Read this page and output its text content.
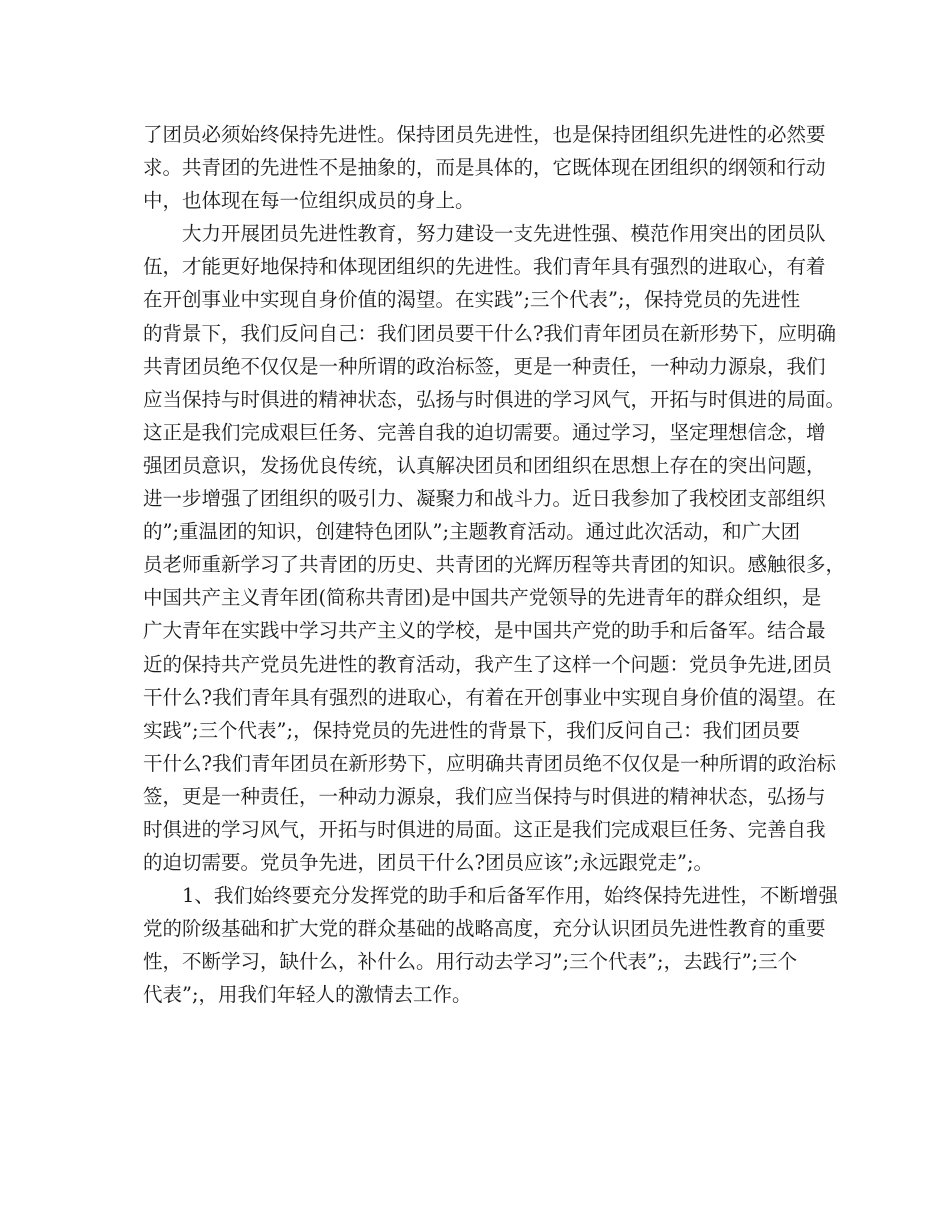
了团员必须始终保持先进性。保持团员先进性，也是保持团组织先进性的必然要
求。共青团的先进性不是抽象的，而是具体的，它既体现在团组织的纲领和行动
中，也体现在每一位组织成员的身上。
　　大力开展团员先进性教育，努力建设一支先进性强、模范作用突出的团员队
伍，才能更好地保持和体现团组织的先进性。我们青年具有强烈的进取心，有着
在开创事业中实现自身价值的渴望。在实践”;三个代表”;，保持党员的先进性
的背景下，我们反问自己：我们团员要干什么?我们青年团员在新形势下，应明确
共青团员绝不仅仅是一种所谓的政治标签，更是一种责任，一种动力源泉，我们
应当保持与时俱进的精神状态，弘扬与时俱进的学习风气，开拓与时俱进的局面。
这正是我们完成艰巨任务、完善自我的迫切需要。通过学习，坚定理想信念，增
强团员意识，发扬优良传统，认真解决团员和团组织在思想上存在的突出问题，
进一步增强了团组织的吸引力、凝聚力和战斗力。近日我参加了我校团支部组织
的”;重温团的知识，创建特色团队”;主题教育活动。通过此次活动，和广大团
员老师重新学习了共青团的历史、共青团的光辉历程等共青团的知识。感触很多，
中国共产主义青年团(简称共青团)是中国共产党领导的先进青年的群众组织，是
广大青年在实践中学习共产主义的学校，是中国共产党的助手和后备军。结合最
近的保持共产党员先进性的教育活动，我产生了这样一个问题：党员争先进,团员
干什么?我们青年具有强烈的进取心，有着在开创事业中实现自身价值的渴望。在
实践”;三个代表”;，保持党员的先进性的背景下，我们反问自己：我们团员要
干什么?我们青年团员在新形势下，应明确共青团员绝不仅仅是一种所谓的政治标
签，更是一种责任，一种动力源泉，我们应当保持与时俱进的精神状态，弘扬与
时俱进的学习风气，开拓与时俱进的局面。这正是我们完成艰巨任务、完善自我
的迫切需要。党员争先进，团员干什么?团员应该”;永远跟党走”;。
　　1、我们始终要充分发挥党的助手和后备军作用，始终保持先进性，不断增强
党的阶级基础和扩大党的群众基础的战略高度，充分认识团员先进性教育的重要
性，不断学习，缺什么，补什么。用行动去学习”;三个代表”;，去践行”;三个
代表”;，用我们年轻人的激情去工作。
